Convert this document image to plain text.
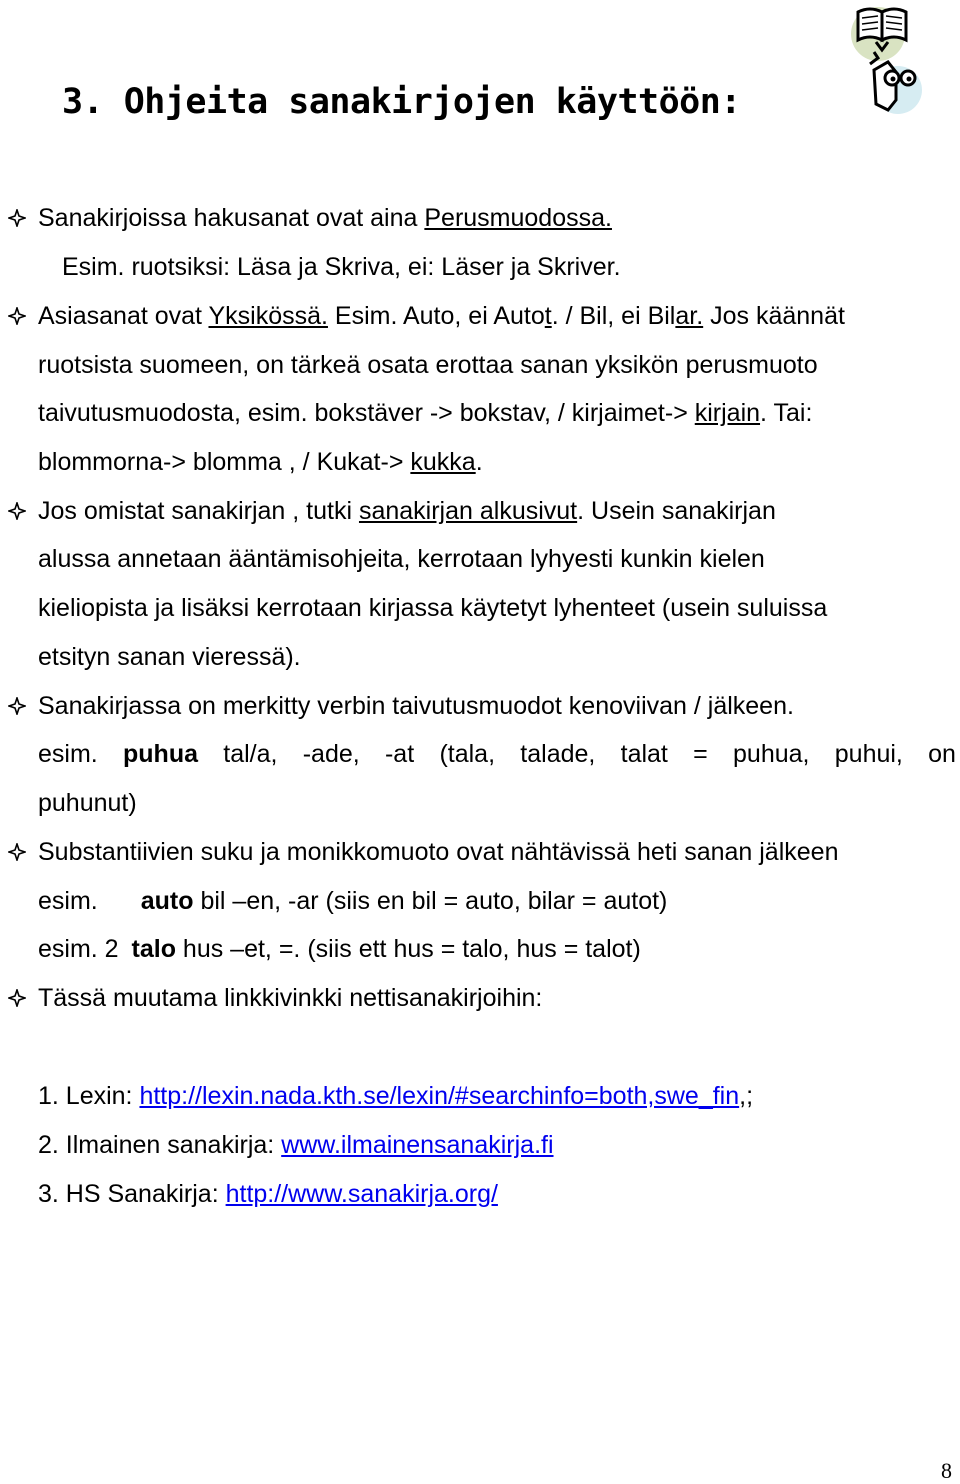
3. Ohjeita sanakirjojen käyttöön:
Sanakirjoissa hakusanat ovat aina Perusmuodossa.
Esim. ruotsiksi: Läsa ja Skriva, ei: Läser ja Skriver.
Asiasanat ovat Yksikössä. Esim. Auto, ei Autot. / Bil, ei Bilar. Jos käännät
ruotsista suomeen, on tärkeä osata erottaa sanan yksikön perusmuoto
taivutusmuodosta, esim. bokstäver -> bokstav, / kirjaimet-> kirjain. Tai:
blommorna-> blomma , / Kukat-> kukka.
Jos omistat sanakirjan , tutki sanakirjan alkusivut. Usein sanakirjan
alussa annetaan ääntämisohjeita, kerrotaan lyhyesti kunkin kielen
kieliopista ja lisäksi kerrotaan kirjassa käytetyt lyhenteet (usein suluissa
etsityn sanan vieressä).
Sanakirjassa on merkitty verbin taivutusmuodot kenoviivan / jälkeen.
esim. puhua tal/a, -ade, -at (tala, talade, talat = puhua, puhui, on
puhunut)
Substantiivien suku ja monikkomuoto ovat nähtävissä heti sanan jälkeen
esim. auto bil –en, -ar (siis en bil = auto, bilar = autot)
esim. 2 talo hus –et, =. (siis ett hus = talo, hus = talot)
Tässä muutama linkkivinkki nettisanakirjoihin:
1. Lexin: http://lexin.nada.kth.se/lexin/#searchinfo=both,swe_fin,;
2. Ilmainen sanakirja: www.ilmainensanakirja.fi
3. HS Sanakirja: http://www.sanakirja.org/
8
